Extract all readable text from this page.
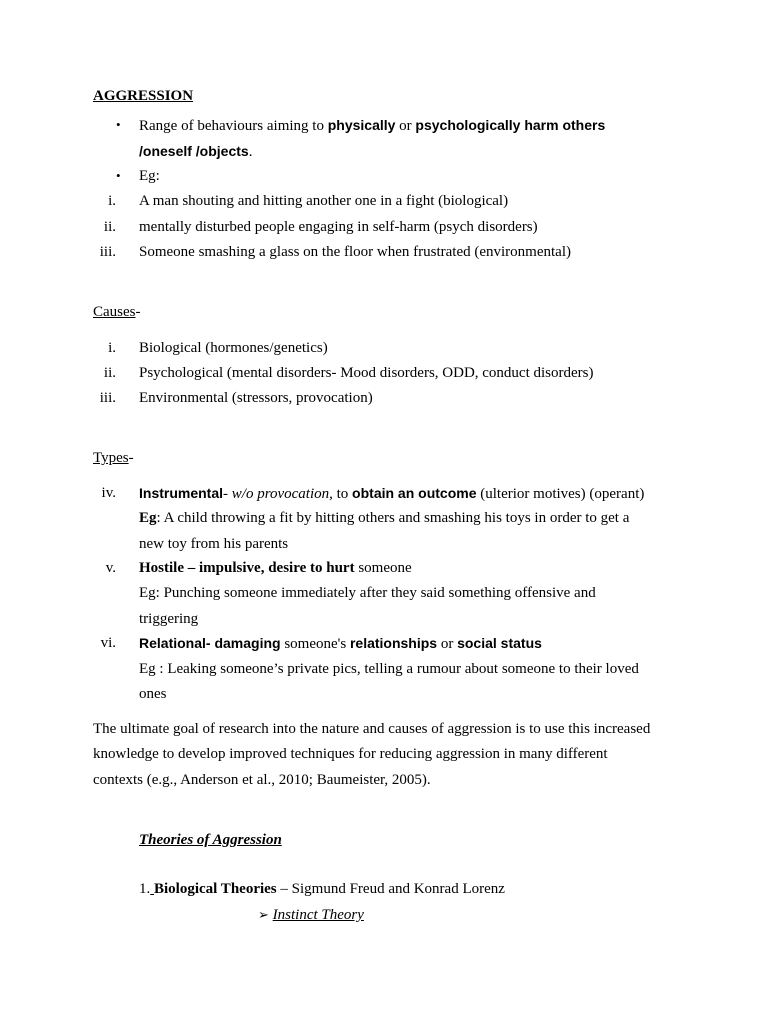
AGGRESSION
• Range of behaviours aiming to physically or psychologically harm others
/oneself /objects.
• Eg:
i. A man shouting and hitting another one in a fight (biological)
ii. mentally disturbed people engaging in self-harm (psych disorders)
iii. Someone smashing a glass on the floor when frustrated (environmental)
Causes-
i. Biological (hormones/genetics)
ii. Psychological (mental disorders- Mood disorders, ODD, conduct disorders)
iii. Environmental (stressors, provocation)
Types-
iv. Instrumental- w/o provocation, to obtain an outcome (ulterior motives) (operant)
Eg: A child throwing a fit by hitting others and smashing his toys in order to get a
new toy from his parents
v. Hostile – impulsive, desire to hurt someone
Eg: Punching someone immediately after they said something offensive and
triggering
vi. Relational- damaging someone's relationships or social status
Eg : Leaking someone’s private pics, telling a rumour about someone to their loved
ones
The ultimate goal of research into the nature and causes of aggression is to use this increased
knowledge to develop improved techniques for reducing aggression in many different
contexts (e.g., Anderson et al., 2010; Baumeister, 2005).
Theories of Aggression
1. Biological Theories – Sigmund Freud and Konrad Lorenz
➢ Instinct Theory
